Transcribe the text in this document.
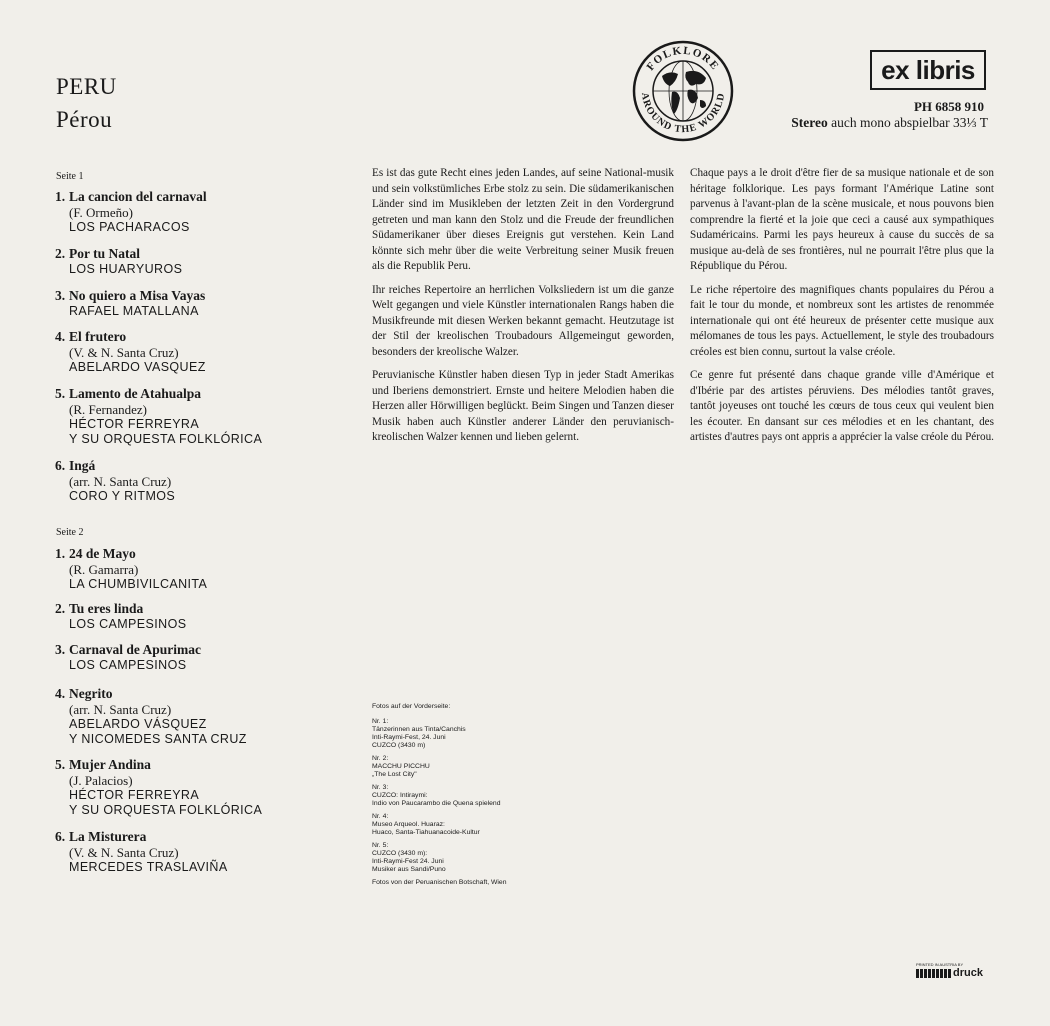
PERU
Pérou
FOLKLORE
AROUND THE WORLD
ex libris
PH 6858 910
Stereo auch mono abspielbar 33⅓ T
Seite 1
Seite 2
1. La cancion del carnaval
(F. Ormeño)
LOS PACHARACOS
2. Por tu Natal
LOS HUARYUROS
3. No quiero a Misa Vayas
RAFAEL MATALLANA
4. El frutero
(V. & N. Santa Cruz)
ABELARDO VASQUEZ
5. Lamento de Atahualpa
(R. Fernandez)
HÉCTOR FERREYRA
Y SU ORQUESTA FOLKLÓRICA
6. Ingá
(arr. N. Santa Cruz)
CORO Y RITMOS
1. 24 de Mayo
(R. Gamarra)
LA CHUMBIVILCANITA
2. Tu eres linda
LOS CAMPESINOS
3. Carnaval de Apurimac
LOS CAMPESINOS
4. Negrito
(arr. N. Santa Cruz)
ABELARDO VÁSQUEZ
Y NICOMEDES SANTA CRUZ
5. Mujer Andina
(J. Palacios)
HÉCTOR FERREYRA
Y SU ORQUESTA FOLKLÓRICA
6. La Misturera
(V. & N. Santa Cruz)
MERCEDES TRASLAVIÑA

Es ist das gute Recht eines jeden Landes, auf seine National-musik und sein volkstümliches Erbe stolz zu sein. Die südamerikanischen Länder sind im Musikleben der letzten Zeit in den Vordergrund getreten und man kann den Stolz und die Freude der freundlichen Südamerikaner über dieses Ereignis gut verstehen. Kein Land könnte sich mehr über die weite Verbreitung seiner Musik freuen als die Republik Peru.

Ihr reiches Repertoire an herrlichen Volksliedern ist um die ganze Welt gegangen und viele Künstler internationalen Rangs haben die Musikfreunde mit diesen Werken bekannt gemacht. Heutzutage ist der Stil der kreolischen Troubadours Allgemeingut geworden, besonders der kreolische Walzer.

Peruvianische Künstler haben diesen Typ in jeder Stadt Amerikas und Iberiens demonstriert. Ernste und heitere Melodien haben die Herzen aller Hörwilligen beglückt. Beim Singen und Tanzen dieser Musik haben auch Künstler anderer Länder den peruvianisch-kreolischen Walzer kennen und lieben gelernt.

Chaque pays a le droit d'être fier de sa musique nationale et de son héritage folklorique. Les pays formant l'Amérique Latine sont parvenus à l'avant-plan de la scène musicale, et nous pouvons bien comprendre la fierté et la joie que ceci a causé aux sympathiques Sudaméricains. Parmi les pays heureux à cause du succès de sa musique au-delà de ses frontières, nul ne pourrait l'être plus que la République du Pérou.

Le riche répertoire des magnifiques chants populaires du Pérou a fait le tour du monde, et nombreux sont les artistes de renommée internationale qui ont été heureux de présenter cette musique aux mélomanes de tous les pays. Actuellement, le style des troubadours créoles est bien connu, surtout la valse créole.

Ce genre fut présenté dans chaque grande ville d'Amérique et d'Ibérie par des artistes péruviens. Des mélodies tantôt graves, tantôt joyeuses ont touché les cœurs de tous ceux qui veulent bien les écouter. En dansant sur ces mélodies et en les chantant, des artistes d'autres pays ont appris a apprécier la valse créole du Pérou.

Fotos auf der Vorderseite:
Nr. 1:
Tänzerinnen aus Tinta/Canchis
Inti-Raymi-Fest, 24. Juni
CUZCO (3430 m)
Nr. 2:
MACCHU PICCHU
„The Lost City"
Nr. 3:
CUZCO: Intiraymi:
Indio von Paucarambo die Quena spielend
Nr. 4:
Museo Arqueol. Huaraz:
Huaco, Santa-Tiahuanacoide-Kultur
Nr. 5:
CUZCO (3430 m):
Inti-Raymi-Fest 24. Juni
Musiker aus Sandi/Puno
Fotos von der Peruanischen Botschaft, Wien
PRINTED IN AUSTRIA BY
druck
